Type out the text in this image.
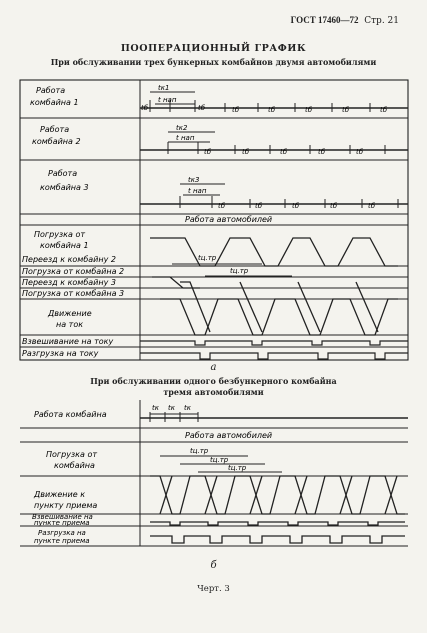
ГОСТ 17460—72 Стр. 21
ПООПЕРАЦИОННЫЙ ГРАФИК
При обслуживании трех бункерных комбайнов двумя автомобилями
Работа
комбайна 1
Работа
комбайна 2
Работа
комбайна 3
Работа автомобилей
Погрузка от
комбайна 1
Переезд к комбайну 2
Погрузка от комбайна 2
Переезд к комбайну 3
Погрузка от комбайна 3
Движение
на ток
Взвешивание на току
Разгрузка на току
tк1
tб
t нап
tб	tб	tб	tб	tб	tб
tк2
t нап
tб	tб	tб	tб	tб
tк3
t нап
tб	tб	tб	tб	tб
tц.тр
tц.тр
а
При обслуживании одного безбункерного комбайна
тремя автомобилями
Работа комбайна
Работа автомобилей
Погрузка от
комбайна
Движение к
пункту приема
Взвешивание на
пункте приема
Разгрузка на
пункте приема
tк tк tк
tц.тр
tц.тр
tц.тр
б
Черт. 3
